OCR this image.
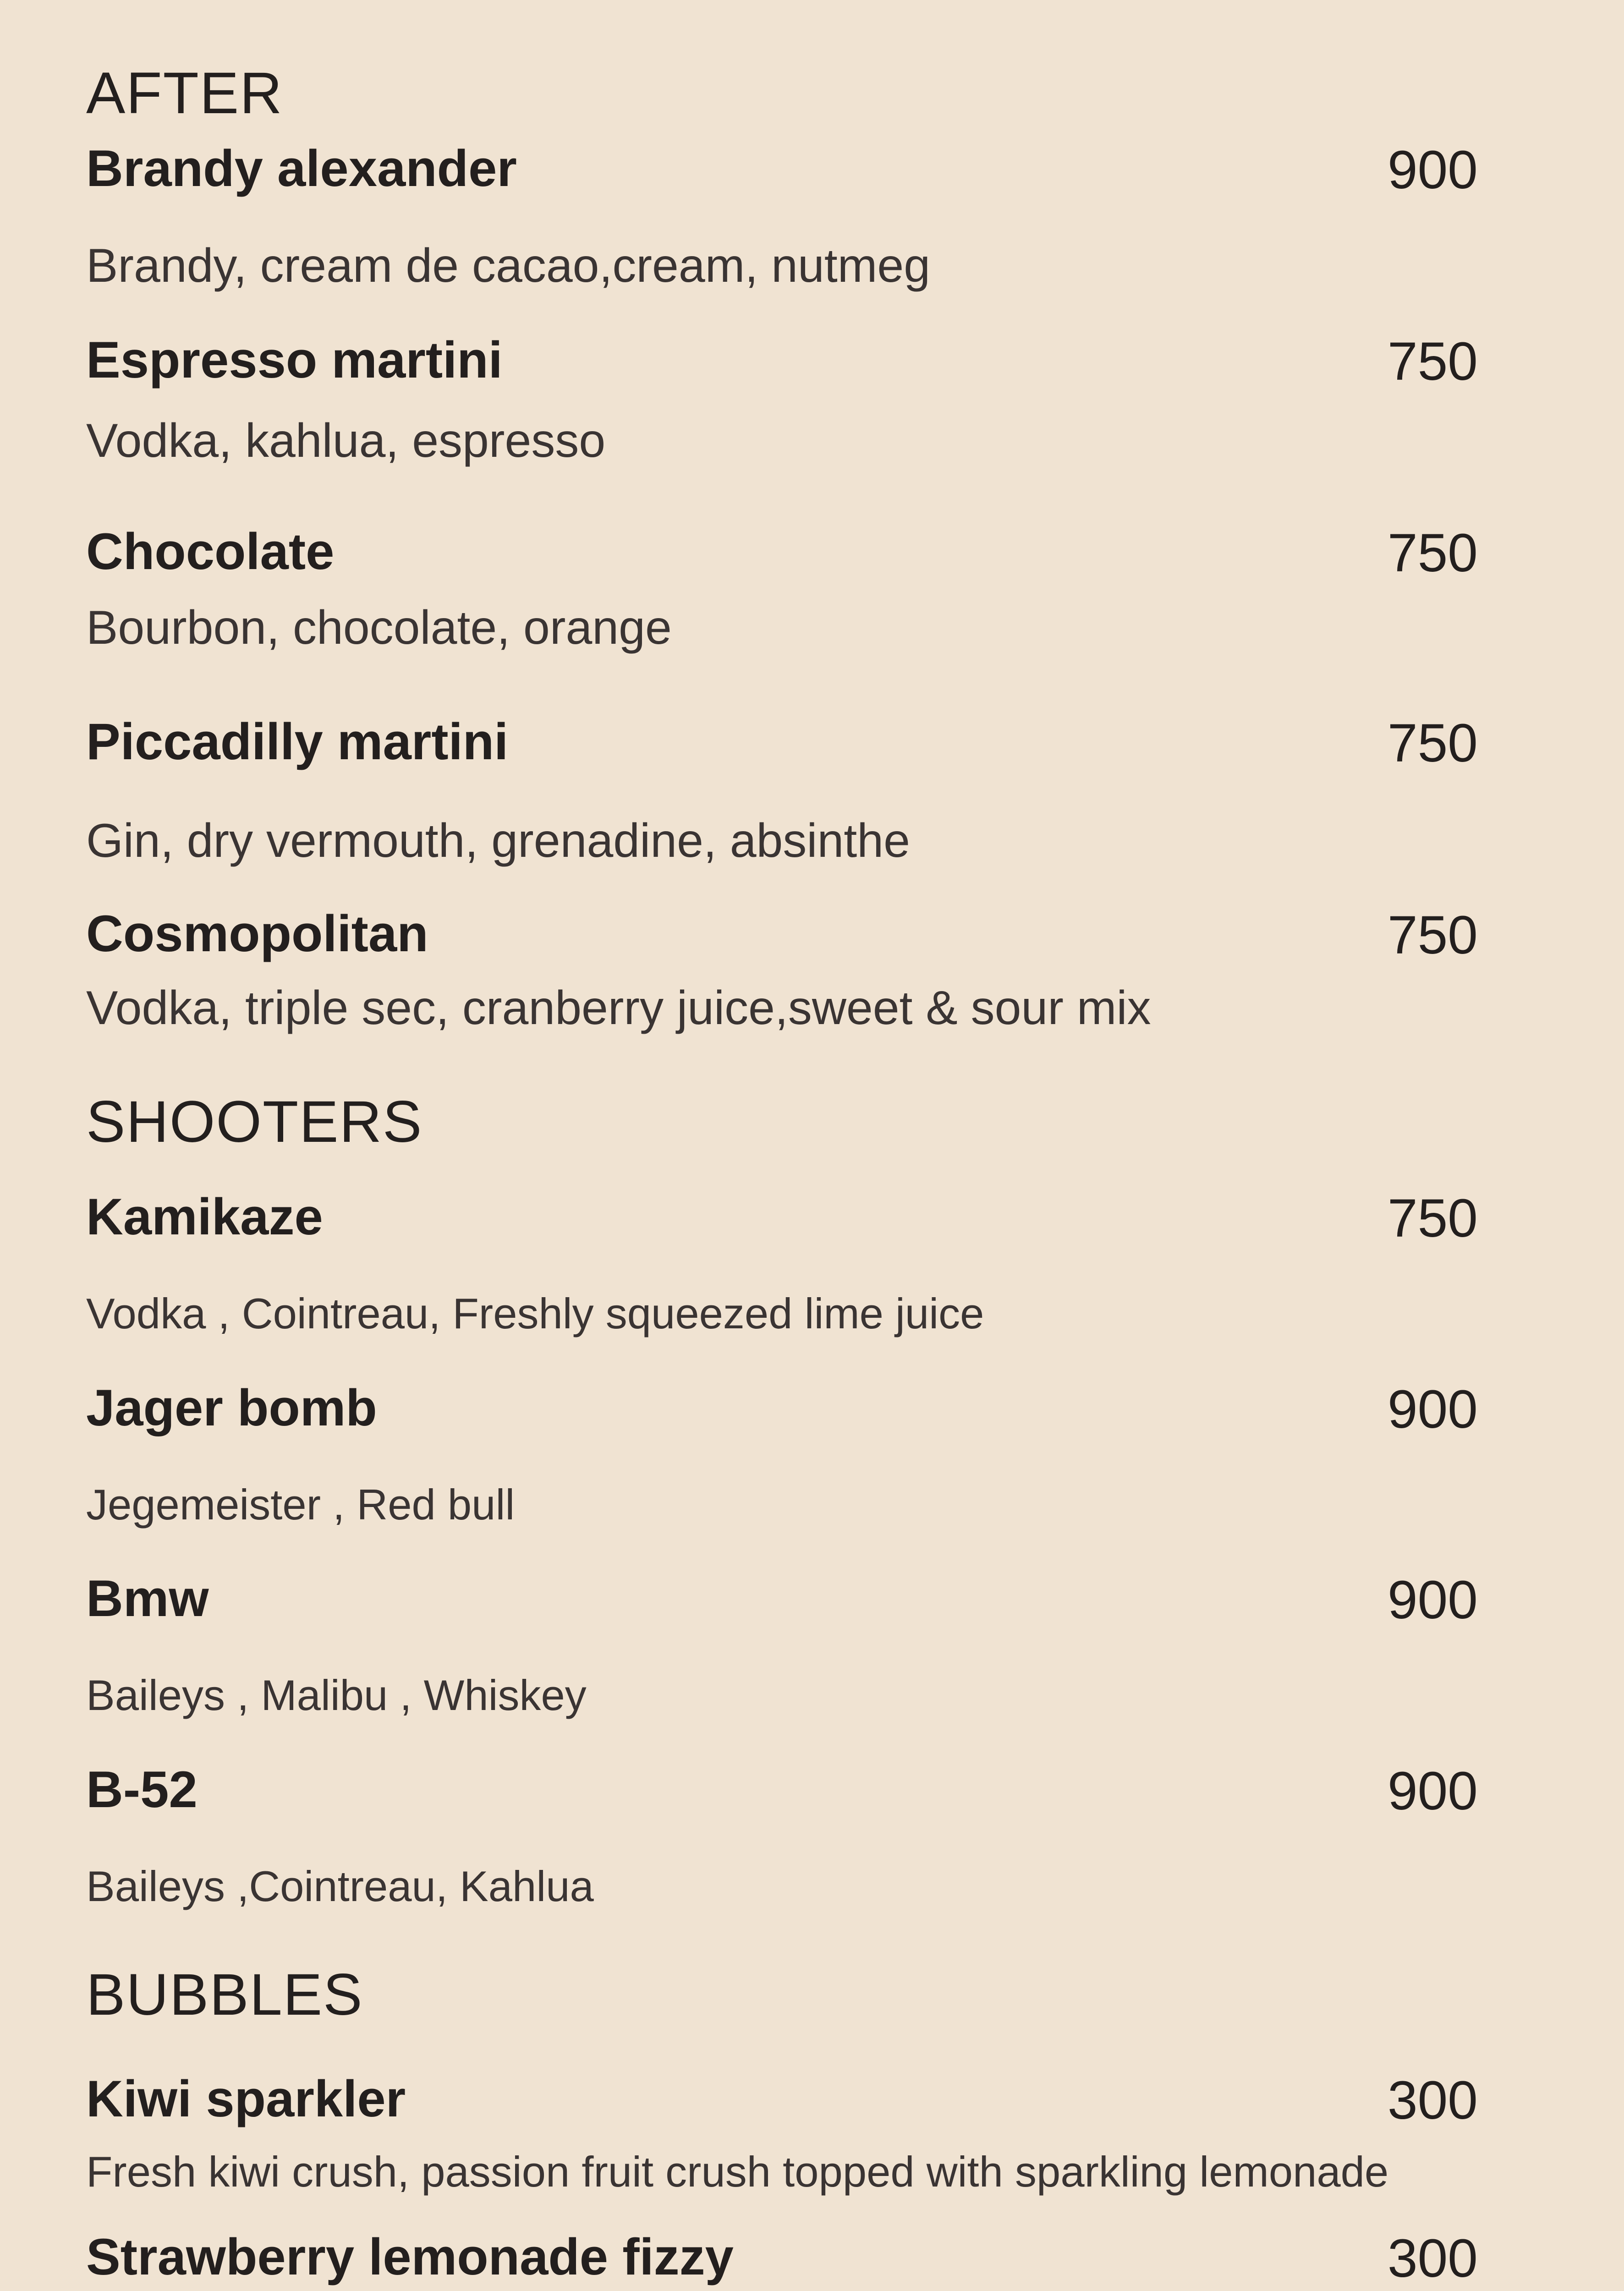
AFTER
Brandy alexander	900
Brandy, cream de cacao,cream, nutmeg
Espresso martini	750
Vodka, kahlua, espresso
Chocolate	750
Bourbon, chocolate, orange
Piccadilly martini	750
Gin, dry vermouth, grenadine, absinthe
Cosmopolitan	750
Vodka, triple sec, cranberry juice,sweet & sour mix
SHOOTERS
Kamikaze	750
Vodka , Cointreau, Freshly squeezed lime juice
Jager bomb	900
Jegemeister , Red bull
Bmw	900
Baileys , Malibu , Whiskey
B-52	900
Baileys ,Cointreau, Kahlua
BUBBLES
Kiwi sparkler	300
Fresh kiwi crush, passion fruit crush topped with sparkling lemonade
Strawberry lemonade fizzy	300
